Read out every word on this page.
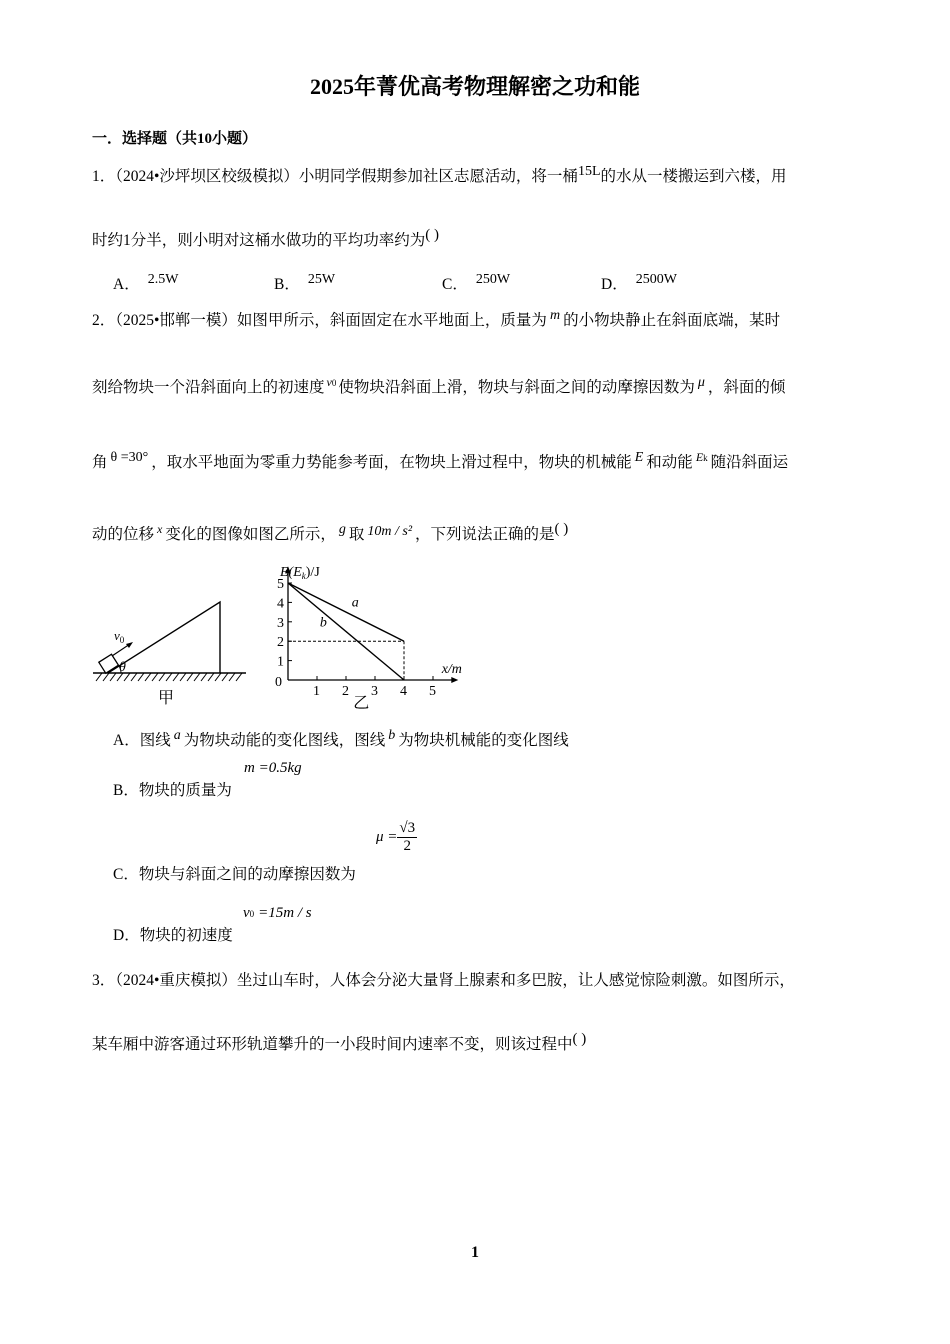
2025年菁优高考物理解密之功和能
一．选择题（共10小题）
1．（2024•沙坪坝区校级模拟）小明同学假期参加社区志愿活动，将一桶15L的水从一楼搬运到六楼，用
时约1分半，则小明对这桶水做功的平均功率约为( )
A． 2.5W	B． 25W	C． 250W	D． 2500W
2．（2025•邯郸一模）如图甲所示，斜面固定在水平地面上，质量为 m 的小物块静止在斜面底端，某时
刻给物块一个沿斜面向上的初速度 v0 使物块沿斜面上滑，物块与斜面之间的动摩擦因数为 μ ，斜面的倾
角 θ =30° ，取水平地面为零重力势能参考面，在物块上滑过程中，物块的机械能 E 和动能 Ek 随沿斜面运
动的位移 $^x$ 变化的图像如图乙所示， g 取 10m / s² ，下列说法正确的是( )
$v_0$
θ
甲
1
2
3
4
5
1 2 3 4 5
0
a
b
$E(E_k)/J$
x/m
乙
A．图线 a 为物块动能的变化图线，图线 b 为物块机械能的变化图线
B．物块的质量为
m =0.5kg
C．物块与斜面之间的动摩擦因数为
$\mu = \frac{√3}{2}$
D．物块的初速度
v0 =15m / s
3．（2024•重庆模拟）坐过山车时，人体会分泌大量肾上腺素和多巴胺，让人感觉惊险刺激。如图所示，
某车厢中游客通过环形轨道攀升的一小段时间内速率不变，则该过程中( )
1
